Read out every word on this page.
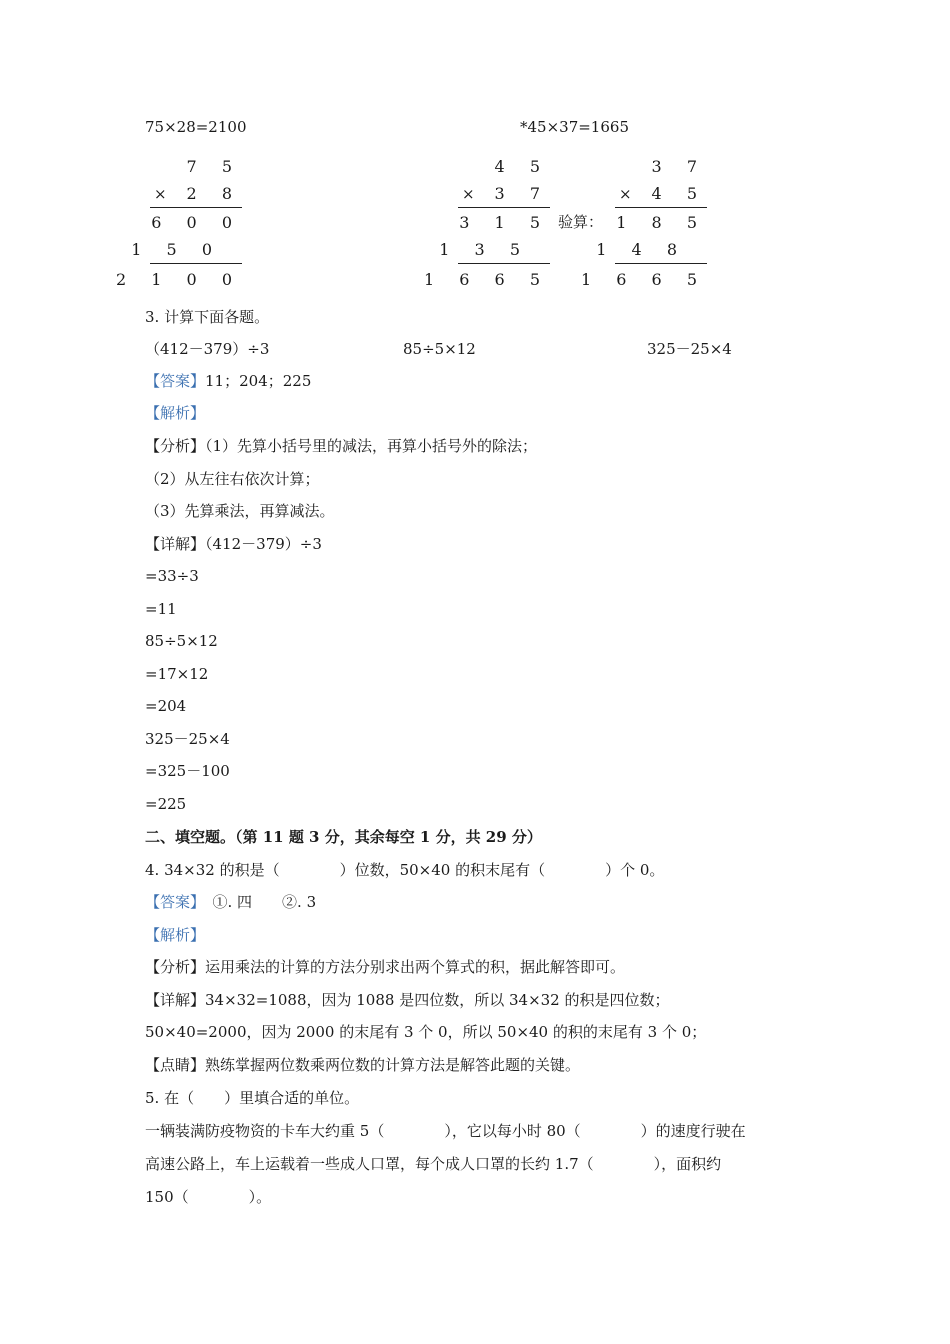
75×28=2100	*45×37=1665
7 5
× 2 8
6 0 0
1 5 0
2 1 0 0
4 5
× 3 7
3 1 5
1 3 5
1 6 6 5
验算：
3 7
× 4 5
1 8 5
1 4 8
1 6 6 5
3. 计算下面各题。
（412－379）÷3	85÷5×12	325－25×4
【答案】11；204；225
【解析】
【分析】（1）先算小括号里的减法，再算小括号外的除法；
（2）从左往右依次计算；
（3）先算乘法，再算减法。
【详解】（412－379）÷3
=33÷3
=11
85÷5×12
=17×12
=204
325－25×4
=325－100
=225
二、填空题。（第 11 题 3 分，其余每空 1 分，共 29 分）
4. 34×32 的积是（　　　　）位数，50×40 的积末尾有（　　　　）个 0。
【答案】　①. 四　　②. 3
【解析】
【分析】运用乘法的计算的方法分别求出两个算式的积，据此解答即可。
【详解】34×32=1088，因为 1088 是四位数，所以 34×32 的积是四位数；
50×40=2000，因为 2000 的末尾有 3 个 0，所以 50×40 的积的末尾有 3 个 0；
【点睛】熟练掌握两位数乘两位数的计算方法是解答此题的关键。
5. 在（　　）里填合适的单位。
一辆装满防疫物资的卡车大约重 5（　　　　），它以每小时 80（　　　　）的速度行驶在
高速公路上，车上运载着一些成人口罩，每个成人口罩的长约 1.7（　　　　），面积约
150（　　　　）。
